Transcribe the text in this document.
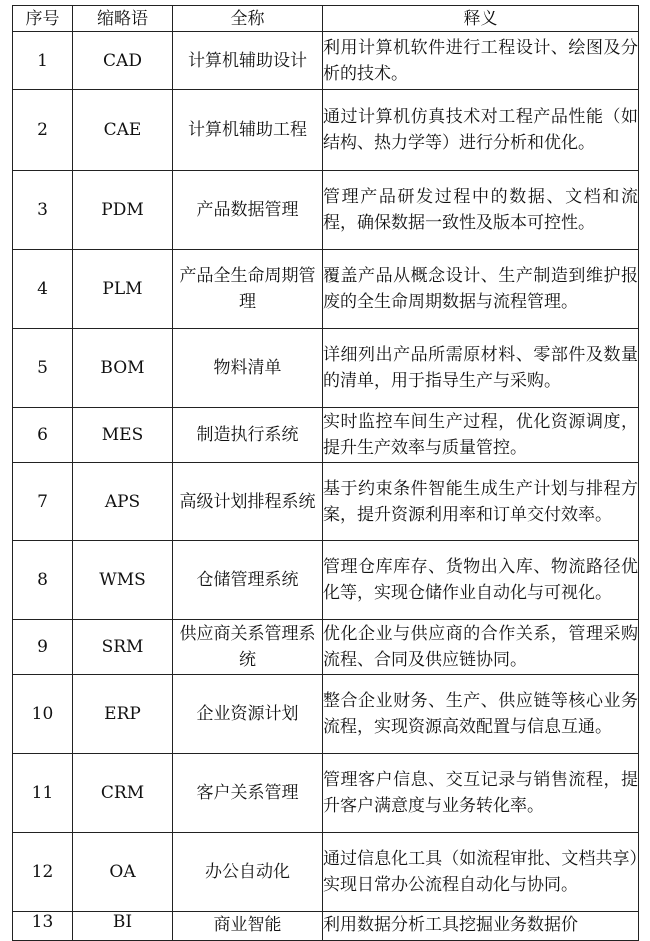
序号	缩略语	全称	释义
1	CAD	计算机辅助设计	利用计算机软件进行工程设计、绘图及分析的技术。
2	CAE	计算机辅助工程	通过计算机仿真技术对工程产品性能（如结构、热力学等）进行分析和优化。
3	PDM	产品数据管理	管理产品研发过程中的数据、文档和流程，确保数据一致性及版本可控性。
4	PLM	产品全生命周期管理	覆盖产品从概念设计、生产制造到维护报废的全生命周期数据与流程管理。
5	BOM	物料清单	详细列出产品所需原材料、零部件及数量的清单，用于指导生产与采购。
6	MES	制造执行系统	实时监控车间生产过程，优化资源调度，提升生产效率与质量管控。
7	APS	高级计划排程系统	基于约束条件智能生成生产计划与排程方案，提升资源利用率和订单交付效率。
8	WMS	仓储管理系统	管理仓库库存、货物出入库、物流路径优化等，实现仓储作业自动化与可视化。
9	SRM	供应商关系管理系统	优化企业与供应商的合作关系，管理采购流程、合同及供应链协同。
10	ERP	企业资源计划	整合企业财务、生产、供应链等核心业务流程，实现资源高效配置与信息互通。
11	CRM	客户关系管理	管理客户信息、交互记录与销售流程，提升客户满意度与业务转化率。
12	OA	办公自动化	通过信息化工具（如流程审批、文档共享）实现日常办公流程自动化与协同。
13	BI	商业智能	利用数据分析工具挖掘业务数据价
